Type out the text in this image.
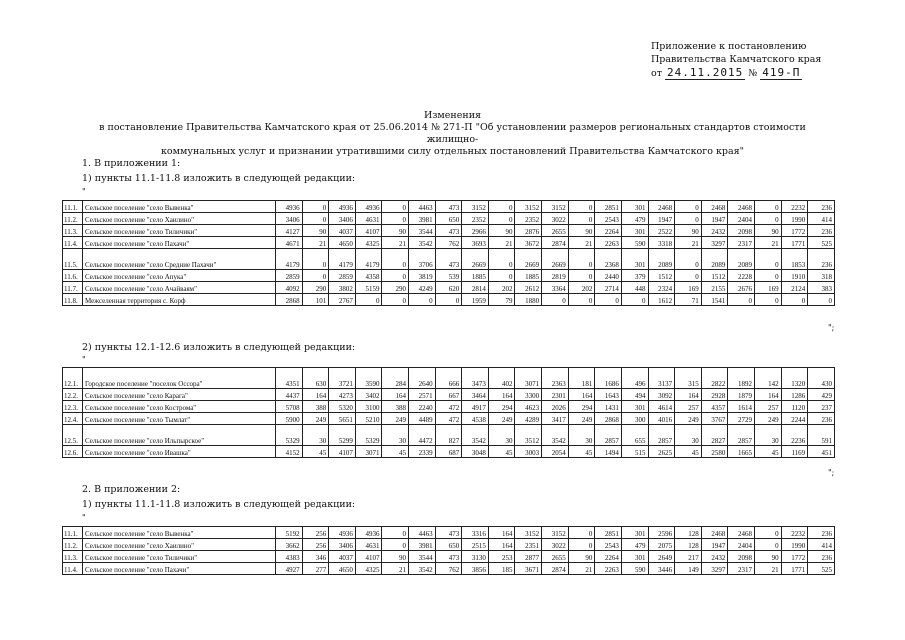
Приложение к постановлению
Правительства Камчатского края
от 24.11.2015 № 419-П
Изменения
в постановление Правительства Камчатского края от 25.06.2014 № 271-П "Об установлении размеров региональных стандартов стоимости жилищно-
коммунальных услуг и признании утратившими силу отдельных постановлений Правительства Камчатского края"
1. В приложении 1:
1) пункты 11.1-11.8 изложить в следующей редакции:
"
11.1.	Сельское поселение "село Вывенка"	4936	0	4936	4936	0	4463	473	3152	0	3152	3152	0	2851	301	2468	0	2468	2468	0	2232	236
11.2.	Сельское поселение "село Хаилино"	3406	0	3406	4631	0	3981	650	2352	0	2352	3022	0	2543	479	1947	0	1947	2404	0	1990	414
11.3.	Сельское поселение "село Тиличики"	4127	90	4037	4107	90	3544	473	2966	90	2876	2655	90	2264	301	2522	90	2432	2098	90	1772	236
11.4.	Сельское поселение "село Пахачи"	4671	21	4650	4325	21	3542	762	3693	21	3672	2874	21	2263	590	3318	21	3297	2317	21	1771	525
11.5.	Сельское поселение "село Средние Пахачи"	4179	0	4179	4179	0	3706	473	2669	0	2669	2669	0	2368	301	2089	0	2089	2089	0	1853	236
11.6.	Сельское поселение "село Апука"	2859	0	2859	4358	0	3819	539	1885	0	1885	2819	0	2440	379	1512	0	1512	2228	0	1910	318
11.7.	Сельское поселение "село Ачайваям"	4092	290	3802	5159	290	4249	620	2814	202	2612	3364	202	2714	448	2324	169	2155	2676	169	2124	383
11.8.	Межселенная территория с. Корф	2868	101	2767	0	0	0	0	1959	79	1880	0	0	0	0	1612	71	1541	0	0	0	0
";
2) пункты 12.1-12.6 изложить в следующей редакции:
"
12.1.	Городское поселение "поселок Оссора"	4351	630	3721	3590	284	2640	666	3473	402	3071	2363	181	1686	496	3137	315	2822	1892	142	1320	430
12.2.	Сельское поселение "село Карага"	4437	164	4273	3402	164	2571	667	3464	164	3300	2301	164	1643	494	3092	164	2928	1879	164	1286	429
12.3.	Сельское поселение "село Кострома"	5708	388	5320	3100	388	2240	472	4917	294	4623	2026	294	1431	301	4614	257	4357	1614	257	1120	237
12.4.	Сельское поселение "село Тымлат"	5900	249	5651	5210	249	4489	472	4538	249	4289	3417	249	2868	300	4016	249	3767	2729	249	2244	236
12.5.	Сельское поселение "село Ильпырское"	5329	30	5299	5329	30	4472	827	3542	30	3512	3542	30	2857	655	2857	30	2827	2857	30	2236	591
12.6.	Сельское поселение "село Ивашка"	4152	45	4107	3071	45	2339	687	3048	45	3003	2054	45	1494	515	2625	45	2580	1665	45	1169	451
";
2. В приложении 2:
1) пункты 11.1-11.8 изложить в следующей редакции:
"
11.1.	Сельское поселение "село Вывенка"	5192	256	4936	4936	0	4463	473	3316	164	3152	3152	0	2851	301	2596	128	2468	2468	0	2232	236
11.2.	Сельское поселение "село Хаилино"	3662	256	3406	4631	0	3981	650	2515	164	2351	3022	0	2543	479	2075	128	1947	2404	0	1990	414
11.3.	Сельское поселение "село Тиличики"	4383	346	4037	4107	90	3544	473	3130	253	2877	2655	90	2264	301	2649	217	2432	2098	90	1772	236
11.4.	Сельское поселение "село Пахачи"	4927	277	4650	4325	21	3542	762	3856	185	3671	2874	21	2263	590	3446	149	3297	2317	21	1771	525
